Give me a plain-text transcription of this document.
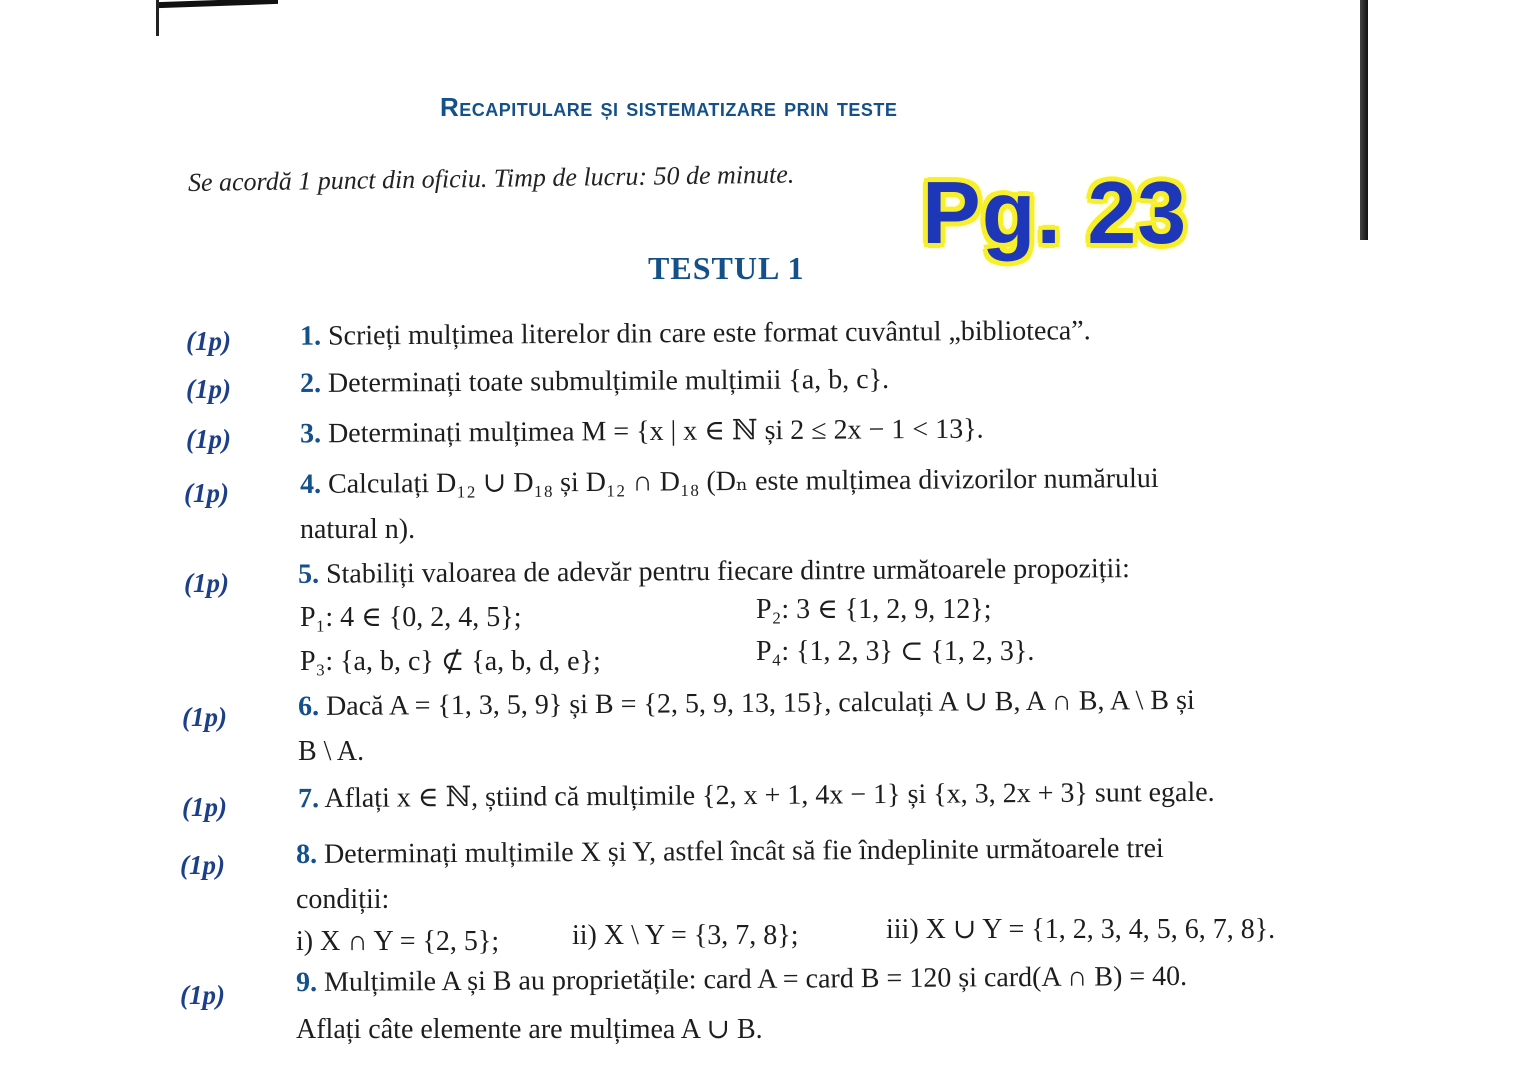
Recapitulare și sistematizare prin teste
Se acordă 1 punct din oficiu. Timp de lucru: 50 de minute. Pg. 23
TESTUL 1
(1p) 1. Scrieți mulțimea literelor din care este format cuvântul „biblioteca”.
(1p) 2. Determinați toate submulțimile mulțimii {a, b, c}.
(1p) 3. Determinați mulțimea M = {x | x ∈ ℕ și 2 ≤ 2x − 1 < 13}.
(1p)	4. Calculați D₁₂ ∪ D₁₈ și D₁₂ ∩ D₁₈ (Dₙ este mulțimea divizorilor numărului
natural n).
(1p) 5. Stabiliți valoarea de adevăr pentru fiecare dintre următoarele propoziții:
P₁: 4 ∈ {0, 2, 4, 5};	P₂: 3 ∈ {1, 2, 9, 12};
P₃: {a, b, c} ⊄ {a, b, d, e};	P₄: {1, 2, 3} ⊂ {1, 2, 3}.
(1p)	6. Dacă A = {1, 3, 5, 9} și B = {2, 5, 9, 13, 15}, calculați A ∪ B, A ∩ B, A \ B și
B \ A.
(1p)	7. Aflați x ∈ ℕ, știind că mulțimile {2, x + 1, 4x − 1} și {x, 3, 2x + 3} sunt egale.
(1p)	8. Determinați mulțimile X și Y, astfel încât să fie îndeplinite următoarele trei
condiții:
i) X ∩ Y = {2, 5};	ii) X \ Y = {3, 7, 8};	iii) X ∪ Y = {1, 2, 3, 4, 5, 6, 7, 8}.
(1p)	9. Mulțimile A și B au proprietățile: card A = card B = 120 și card(A ∩ B) = 40.
Aflați câte elemente are mulțimea A ∪ B.
